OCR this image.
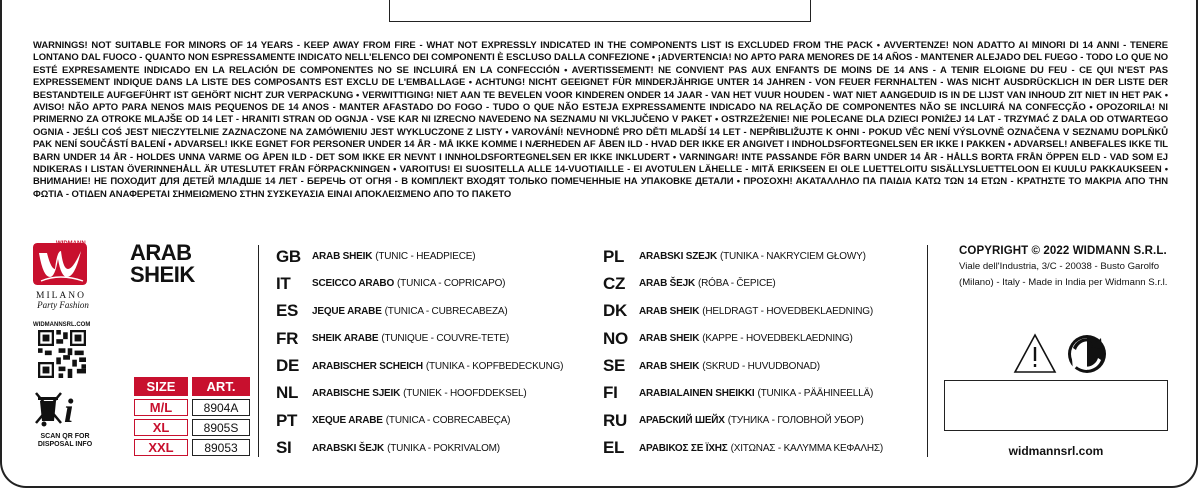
WARNINGS! NOT SUITABLE FOR MINORS OF 14 YEARS - KEEP AWAY FROM FIRE - WHAT NOT EXPRESSLY INDICATED IN THE COMPONENTS LIST IS EXCLUDED FROM THE PACK • AVVERTENZE! NON ADATTO AI MINORI DI 14 ANNI - TENERE LONTANO DAL FUOCO - QUANTO NON ESPRESSAMENTE INDICATO NELL'ELENCO DEI COMPONENTI È ESCLUSO DALLA CONFEZIONE • ¡ADVERTENCIA! NO APTO PARA MENORES DE 14 AÑOS - MANTENER ALEJADO DEL FUEGO - TODO LO QUE NO ESTÉ EXPRESAMENTE INDICADO EN LA RELACIÓN DE COMPONENTES NO SE INCLUIRÁ EN LA CONFECCIÓN • AVERTISSEMENT! NE CONVIENT PAS AUX ENFANTS DE MOINS DE 14 ANS - A TENIR ELOIGNE DU FEU - CE QUI N'EST PAS EXPRESSEMENT INDIQUE DANS LA LISTE DES COMPOSANTS EST EXCLU DE L'EMBALLAGE • ACHTUNG! NICHT GEEIGNET FÜR MINDERJÄHRIGE UNTER 14 JAHREN - VON FEUER FERNHALTEN - WAS NICHT AUSDRÜCKLICH IN DER LISTE DER BESTANDTEILE AUFGEFÜHRT IST GEHÖRT NICHT ZUR VERPACKUNG • VERWITTIGING! NIET AAN TE BEVELEN VOOR KINDEREN ONDER 14 JAAR - VAN HET VUUR HOUDEN - WAT NIET AANGEDUID IS IN DE LIJST VAN INHOUD ZIT NIET IN HET PAK • AVISO! NÃO APTO PARA NENOS MAIS PEQUENOS DE 14 ANOS - MANTER AFASTADO DO FOGO - TUDO O QUE NÃO ESTEJA EXPRESSAMENTE INDICADO NA RELAÇÃO DE COMPONENTES NÃO SE INCLUIRÁ NA CONFECÇÃO • OPOZORILA! NI PRIMERNO ZA OTROKE MLAJŠE OD 14 LET - HRANITI STRAN OD OGNJA - VSE KAR NI IZRECNO NAVEDENO NA SEZNAMU NI VKLJUČENO V PAKET • OSTRZEŻENIE! NIE POLECANE DLA DZIECI PONIŻEJ 14 LAT - TRZYMAĆ Z DALA OD OTWARTEGO OGNIA - JEŚLI COŚ JEST NIECZYTELNIE ZAZNACZONE NA ZAMÓWIENIU JEST WYKLUCZONE Z LISTY • VAROVÁNÍ! NEVHODNÉ PRO DĚTI MLADŠÍ 14 LET - NEPŘIBLIŽUJTE K OHNI - POKUD VĚC NENÍ VÝSLOVNĚ OZNAČENA V SEZNAMU DOPLŇKŮ PAK NENÍ SOUČÁSTÍ BALENÍ • ADVARSEL! IKKE EGNET FOR PERSONER UNDER 14 ÅR - MÅ IKKE KOMME I NÆRHEDEN AF ÅBEN ILD - HVAD DER IKKE ER ANGIVET I INDHOLDSFORTEGNELSEN ER IKKE I PAKKEN • ADVARSEL! ANBEFALES IKKE TIL BARN UNDER 14 ÅR - HOLDES UNNA VARME OG ÅPEN ILD - DET SOM IKKE ER NEVNT I INNHOLDSFORTEGNELSEN ER IKKE INKLUDERT • VARNINGAR! INTE PASSANDE FÖR BARN UNDER 14 ÅR - HÅLLS BORTA FRÅN ÖPPEN ELD - VAD SOM EJ NDIKERAS I LISTAN ÖVERINNEHÅLL ÄR UTESLUTET FRÅN FÖRPACKNINGEN • VAROITUS! EI SUOSITELLA ALLE 14-VUOTIAILLE - EI AVOTULEN LÄHELLE - MITÄ ERIKSEEN EI OLE LUETTELOITU SISÄLLYSLUETTELOON EI KUULU PAKKAUKSEEN • ВНИМАНИЕ! НЕ ПОХОДИТ ДЛЯ ДЕТЕЙ МЛАДШЕ 14 ЛЕТ - БЕРЕЧЬ ОТ ОГНЯ - В КОМПЛЕКТ ВХОДЯТ ТОЛЬКО ПОМЕЧЕННЫЕ НА УПАКОВКЕ ДЕТАЛИ • ΠΡΟΣΟΧΗ! ΑΚΑΤΑΛΛΗΛΟ ΠΑ ΠΑΙΔΙΑ ΚΑΤΩ ΤΩΝ 14 ΕΤΩΝ - ΚΡΑΤΗΣΤΕ ΤΟ ΜΑΚΡΙΑ ΑΠΟ ΤΗΝ ΦΩΤΙΑ - ΟΤΙΔΕΝ ΑΝΑΦΕΡΕΤΑΙ ΣΗΜΕΙΩΜΕΝΟ ΣΤΗΝ ΣΥΣΚΕΥΑΣΙΑ ΕΙΝΑΙ ΑΠΟΚΛΕΙΣΜΕΝΟ ΑΠΟ ΤΟ ΠΑΚΕΤΟ
MILANO
Party Fashion
WIDMANN ARAB
SHEIK
WIDMANNSRL.COM
i
SCAN QR FOR DISPOSAL INFO
SIZE	ART.
M/L	8904A
XL	8905S
XXL	89053
GB	ARAB SHEIK (TUNIC - HEADPIECE)
IT	SCEICCO ARABO (TUNICA - COPRICAPO)
ES	JEQUE ARABE (TUNICA - CUBRECABEZA)
FR	SHEIK ARABE (TUNIQUE - COUVRE-TETE)
DE	ARABISCHER SCHEICH (TUNIKA - KOPFBEDECKUNG)
NL	ARABISCHE SJEIK (TUNIEK - HOOFDDEKSEL)
PT	XEQUE ARABE (TUNICA - COBRECABEÇA)
SI	ARABSKI ŠEJK (TUNIKA - POKRIVALOM)
PL	ARABSKI SZEJK (TUNIKA - NAKRYCIEM GŁOWY)
CZ	ARAB ŠEJK (RÓBA - ČEPICE)
DK	ARAB SHEIK (HELDRAGT - HOVEDBEKLAEDNING)
NO	ARAB SHEIK (KAPPE - HOVEDBEKLAEDNING)
SE	ARAB SHEIK (SKRUD - HUVUDBONAD)
FI	ARABIALAINEN SHEIKKI (TUNIKA - PÄÄHINEELLÄ)
RU	АРАБСКИЙ ШЕЙХ (ТУНИКА - ГОЛОВНОЙ УБОР)
EL	ΑΡΑΒΙΚΟΣ ΣΕ ΪΧΗΣ (ΧΙΤΩΝΑΣ - ΚΑΛΥΜΜΑ ΚΕΦΑΛΗΣ)
COPYRIGHT © 2022 WIDMANN S.R.L.
Viale dell'Industria, 3/C - 20038 - Busto Garolfo
(Milano) - Italy - Made in India per Widmann S.r.l.
widmannsrl.com
